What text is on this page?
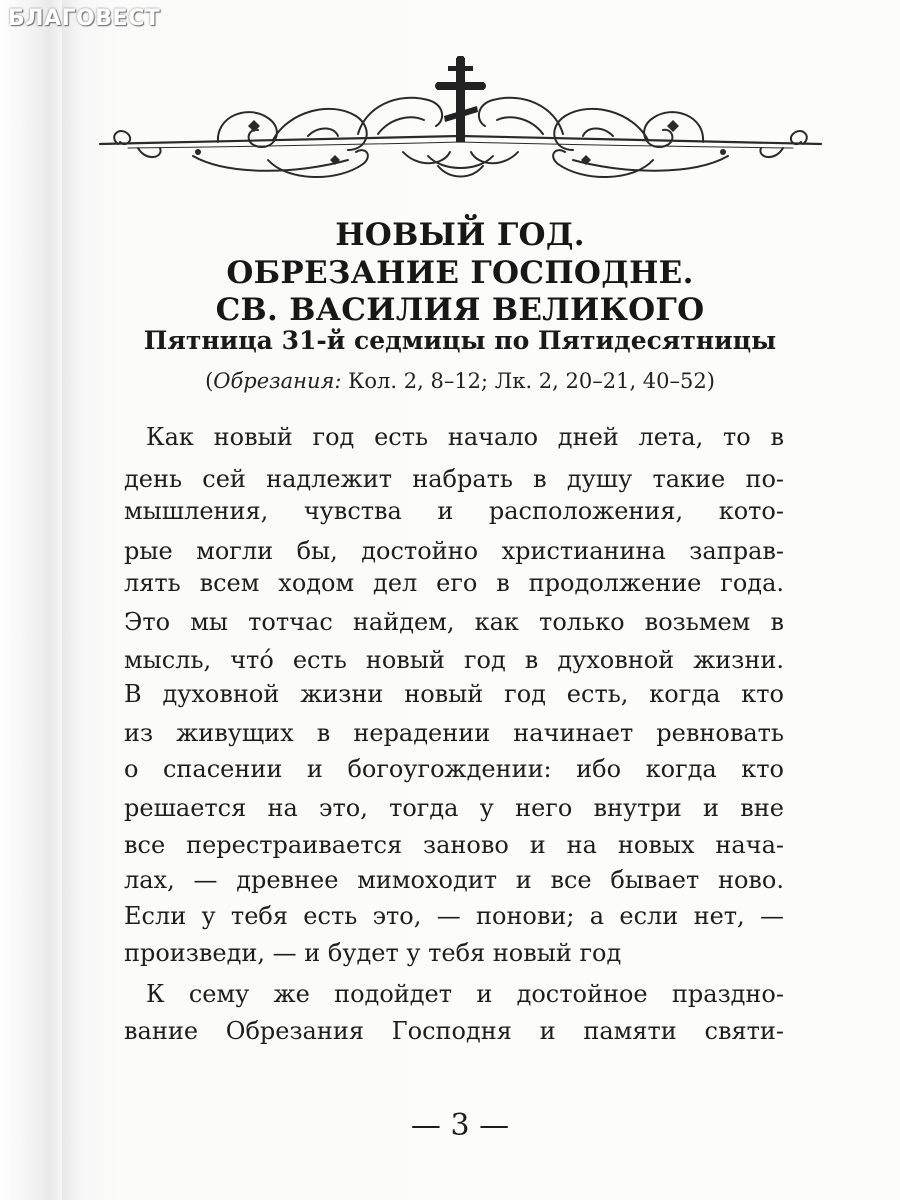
БЛАГОВЕСТ
НОВЫЙ ГОД.
ОБРЕЗАНИЕ ГОСПОДНЕ.
СВ. ВАСИЛИЯ ВЕЛИКОГО
Пятница 31-й седмицы по Пятидесятницы
(Обрезания: Кол. 2, 8–12; Лк. 2, 20–21, 40–52)
Как новый год есть начало дней лета, то в
день сей надлежит набрать в душу такие по-
мышления, чувства и расположения, кото-
рые могли бы, достойно христианина заправ-
лять всем ходом дел его в продолжение года.
Это мы тотчас найдем, как только возьмем в
мысль, что́ есть новый год в духовной жизни.
В духовной жизни новый год есть, когда кто
из живущих в нерадении начинает ревновать
о спасении и богоугождении: ибо когда кто
решается на это, тогда у него внутри и вне
все перестраивается заново и на новых нача-
лах, — древнее мимоходит и все бывает ново.
Если у тебя есть это, — понови; а если нет, —
произведи, — и будет у тебя новый год
К сему же подойдет и достойное праздно-
вание Обрезания Господня и памяти святи-
— 3 —
